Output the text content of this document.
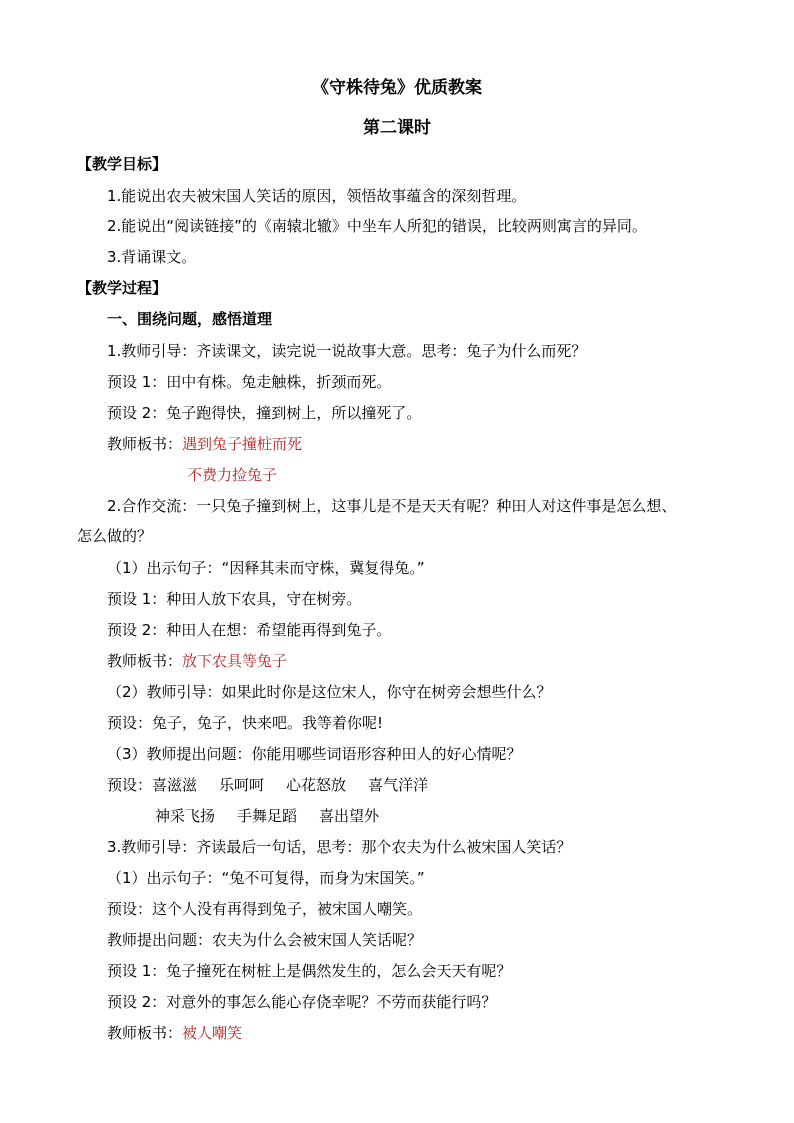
《守株待兔》优质教案
第二课时
【教学目标】
1.能说出农夫被宋国人笑话的原因，领悟故事蕴含的深刻哲理。
2.能说出“阅读链接”的《南辕北辙》中坐车人所犯的错误，比较两则寓言的异同。
3.背诵课文。
【教学过程】
一、围绕问题，感悟道理
1.教师引导：齐读课文，读完说一说故事大意。思考：兔子为什么而死？
预设 1：田中有株。兔走触株，折颈而死。
预设 2：兔子跑得快，撞到树上，所以撞死了。
教师板书：遇到兔子撞桩而死
不费力捡兔子
2.合作交流：一只兔子撞到树上，这事儿是不是天天有呢？种田人对这件事是怎么想、
怎么做的？
（1）出示句子：“因释其耒而守株，冀复得兔。”
预设 1：种田人放下农具，守在树旁。
预设 2：种田人在想：希望能再得到兔子。
教师板书：放下农具等兔子
（2）教师引导：如果此时你是这位宋人，你守在树旁会想些什么？
预设：兔子，兔子，快来吧。我等着你呢!
（3）教师提出问题：你能用哪些词语形容种田人的好心情呢？
预设：喜滋滋 乐呵呵 心花怒放 喜气洋洋
神采飞扬 手舞足蹈 喜出望外
3.教师引导：齐读最后一句话，思考：那个农夫为什么被宋国人笑话？
（1）出示句子：“兔不可复得，而身为宋国笑。”
预设：这个人没有再得到兔子，被宋国人嘲笑。
教师提出问题：农夫为什么会被宋国人笑话呢？
预设 1：兔子撞死在树桩上是偶然发生的，怎么会天天有呢？
预设 2：对意外的事怎么能心存侥幸呢？不劳而获能行吗？
教师板书：被人嘲笑
